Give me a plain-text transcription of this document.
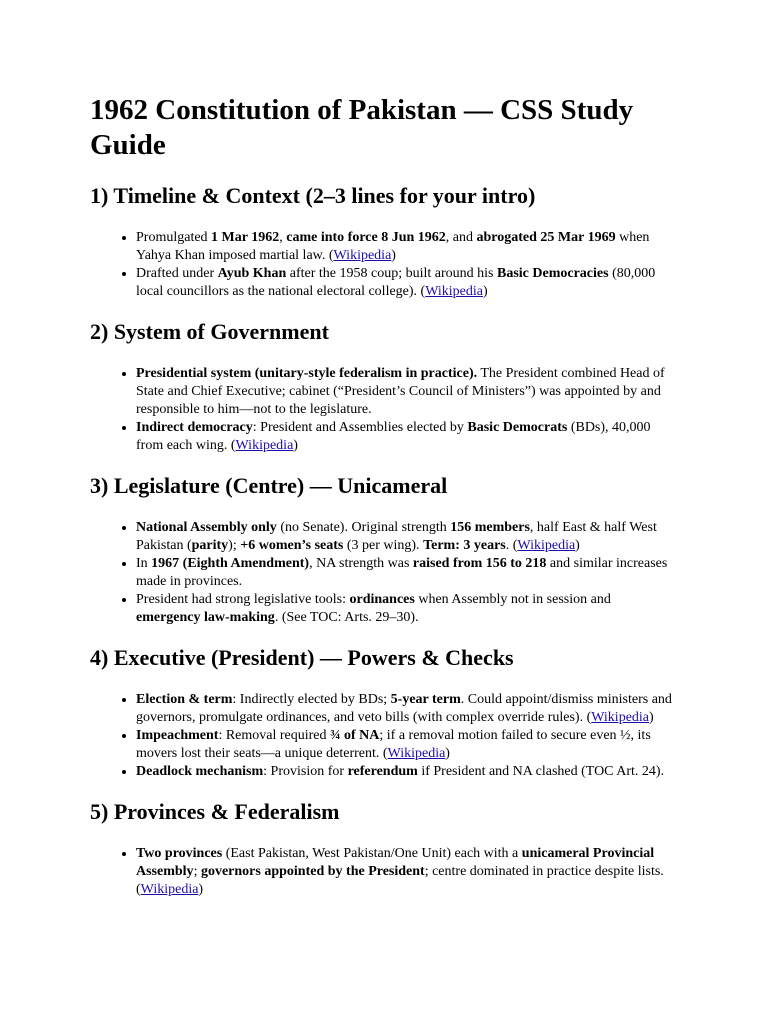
1962 Constitution of Pakistan — CSS Study Guide
1) Timeline & Context (2–3 lines for your intro)
• Promulgated 1 Mar 1962, came into force 8 Jun 1962, and abrogated 25 Mar 1969 when Yahya Khan imposed martial law. (Wikipedia)
• Drafted under Ayub Khan after the 1958 coup; built around his Basic Democracies (80,000 local councillors as the national electoral college). (Wikipedia)
2) System of Government
• Presidential system (unitary-style federalism in practice). The President combined Head of State and Chief Executive; cabinet (“President’s Council of Ministers”) was appointed by and responsible to him—not to the legislature.
• Indirect democracy: President and Assemblies elected by Basic Democrats (BDs), 40,000 from each wing. (Wikipedia)
3) Legislature (Centre) — Unicameral
• National Assembly only (no Senate). Original strength 156 members, half East & half West Pakistan (parity); +6 women’s seats (3 per wing). Term: 3 years. (Wikipedia)
• In 1967 (Eighth Amendment), NA strength was raised from 156 to 218 and similar increases made in provinces.
• President had strong legislative tools: ordinances when Assembly not in session and emergency law-making. (See TOC: Arts. 29–30).
4) Executive (President) — Powers & Checks
• Election & term: Indirectly elected by BDs; 5-year term. Could appoint/dismiss ministers and governors, promulgate ordinances, and veto bills (with complex override rules). (Wikipedia)
• Impeachment: Removal required ¾ of NA; if a removal motion failed to secure even ½, its movers lost their seats—a unique deterrent. (Wikipedia)
• Deadlock mechanism: Provision for referendum if President and NA clashed (TOC Art. 24).
5) Provinces & Federalism
• Two provinces (East Pakistan, West Pakistan/One Unit) each with a unicameral Provincial Assembly; governors appointed by the President; centre dominated in practice despite lists. (Wikipedia)
